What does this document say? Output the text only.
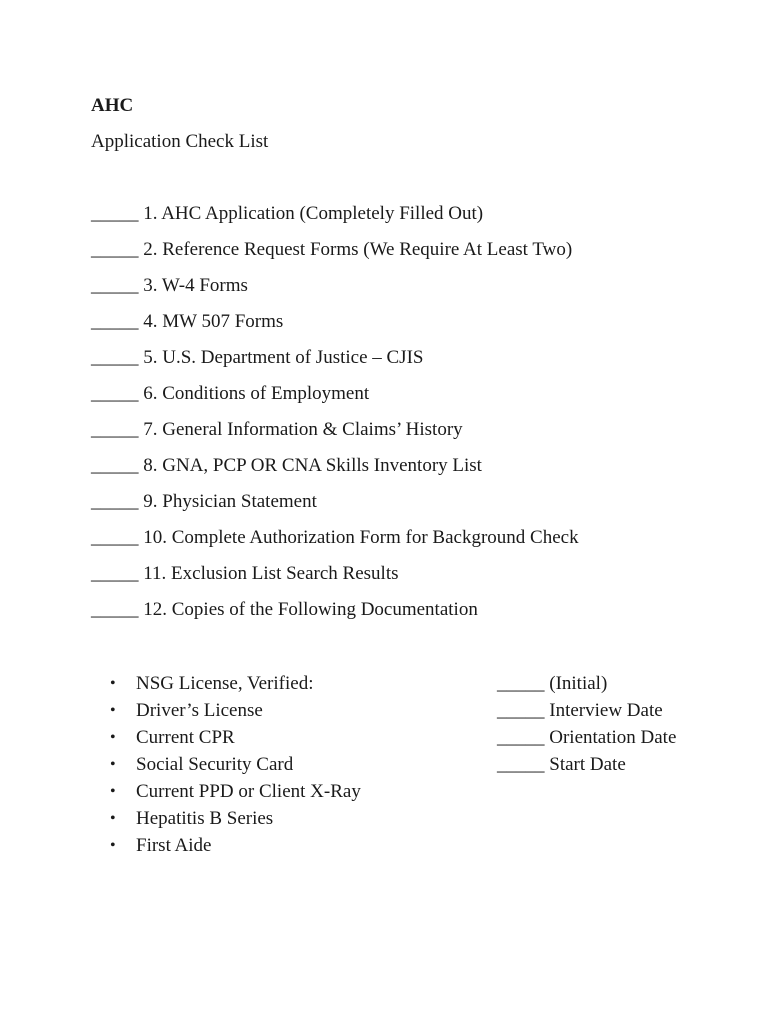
AHC
Application Check List
_____ 1. AHC Application (Completely Filled Out)
_____ 2. Reference Request Forms (We Require At Least Two)
_____ 3. W-4 Forms
_____ 4. MW 507 Forms
_____ 5. U.S. Department of Justice – CJIS
_____ 6. Conditions of Employment
_____ 7. General Information & Claims’ History
_____ 8. GNA, PCP OR CNA Skills Inventory List
_____ 9. Physician Statement
_____ 10. Complete Authorization Form for Background Check
_____ 11. Exclusion List Search Results
_____ 12. Copies of the Following Documentation
• NSG License, Verified:
• Driver’s License
• Current CPR
• Social Security Card
• Current PPD or Client X-Ray
• Hepatitis B Series
• First Aide
_____ (Initial)
_____ Interview Date
_____ Orientation Date
_____ Start Date
